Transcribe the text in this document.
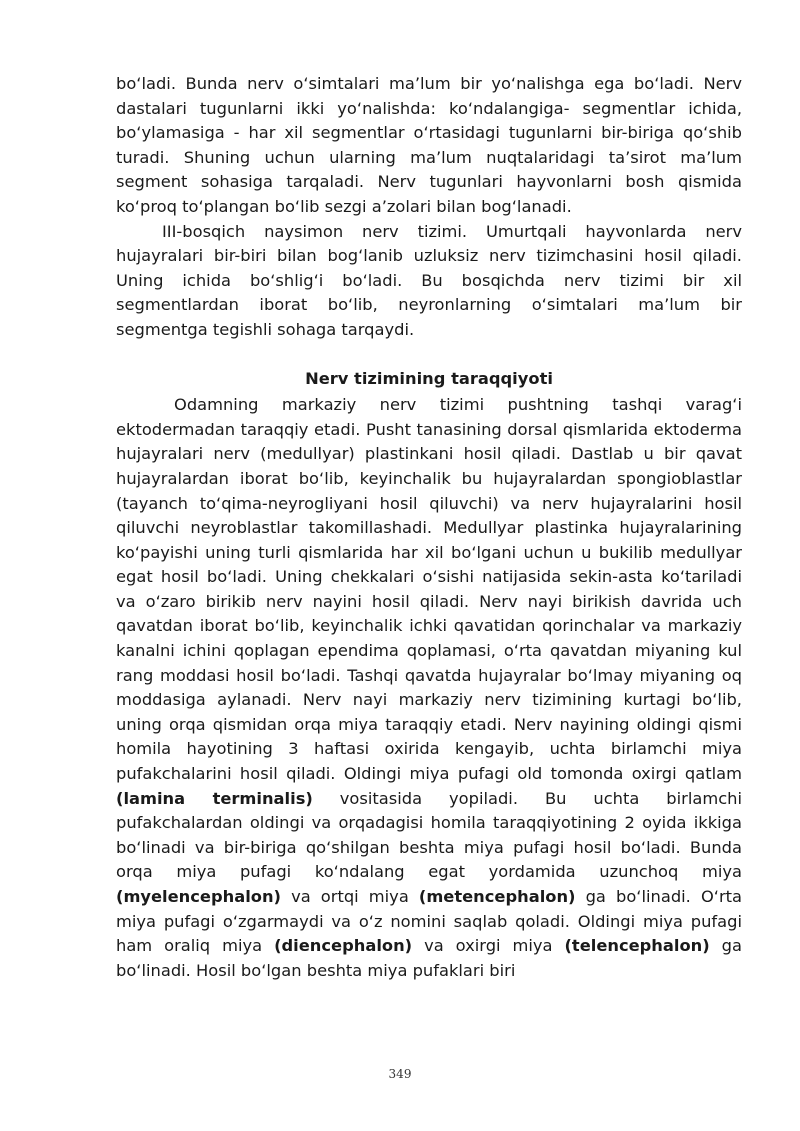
bo‘ladi. Bunda nerv o‘simtalari ma’lum bir yo‘nalishga ega bo‘ladi. Nerv dastalari tugunlarni ikki yo‘nalishda: ko‘ndalangiga- segmentlar ichida, bo‘ylamasiga - har xil segmentlar o‘rtasidagi tugunlarni bir-biriga qo‘shib turadi. Shuning uchun ularning ma’lum nuqtalaridagi ta’sirot ma’lum segment sohasiga tarqaladi. Nerv tugunlari hayvonlarni bosh qismida ko‘proq to‘plangan bo‘lib sezgi a’zolari bilan bog‘lanadi.

III-bosqich naysimon nerv tizimi. Umurtqali hayvonlarda nerv hujayralari bir-biri bilan bog‘lanib uzluksiz nerv tizimchasini hosil qiladi. Uning ichida bo‘shlig‘i bo‘ladi. Bu bosqichda nerv tizimi bir xil segmentlardan iborat bo‘lib, neyronlarning o‘simtalari ma’lum bir segmentga tegishli sohaga tarqaydi.

Nerv tizimining taraqqiyoti

Odamning markaziy nerv tizimi pushtning tashqi varag‘i ektodermadan taraqqiy etadi. Pusht tanasining dorsal qismlarida ektoderma hujayralari nerv (medullyar) plastinkani hosil qiladi. Dastlab u bir qavat hujayralardan iborat bo‘lib, keyinchalik bu hujayralardan spongioblastlar (tayanch to‘qima-neyrogliyani hosil qiluvchi) va nerv hujayralarini hosil qiluvchi neyroblastlar takomillashadi. Medullyar plastinka hujayralarining ko‘payishi uning turli qismlarida har xil bo‘lgani uchun u bukilib medullyar egat hosil bo‘ladi. Uning chekkalari o‘sishi natijasida sekin-asta ko‘tariladi va o‘zaro birikib nerv nayini hosil qiladi. Nerv nayi birikish davrida uch qavatdan iborat bo‘lib, keyinchalik ichki qavatidan qorinchalar va markaziy kanalni ichini qoplagan ependima qoplamasi, o‘rta qavatdan miyaning kul rang moddasi hosil bo‘ladi. Tashqi qavatda hujayralar bo‘lmay miyaning oq moddasiga aylanadi. Nerv nayi markaziy nerv tizimining kurtagi bo‘lib, uning orqa qismidan orqa miya taraqqiy etadi. Nerv nayining oldingi qismi homila hayotining 3 haftasi oxirida kengayib, uchta birlamchi miya pufakchalarini hosil qiladi. Oldingi miya pufagi old tomonda oxirgi qatlam (lamina terminalis) vositasida yopiladi. Bu uchta birlamchi pufakchalardan oldingi va orqadagisi homila taraqqiyotining 2 oyida ikkiga bo‘linadi va bir-biriga qo‘shilgan beshta miya pufagi hosil bo‘ladi. Bunda orqa miya pufagi ko‘ndalang egat yordamida uzunchoq miya (myelencephalon) va ortqi miya (metencephalon) ga bo‘linadi. O‘rta miya pufagi o‘zgarmaydi va o‘z nomini saqlab qoladi. Oldingi miya pufagi ham oraliq miya (diencephalon) va oxirgi miya (telencephalon) ga bo‘linadi. Hosil bo‘lgan beshta miya pufaklari biri

349
